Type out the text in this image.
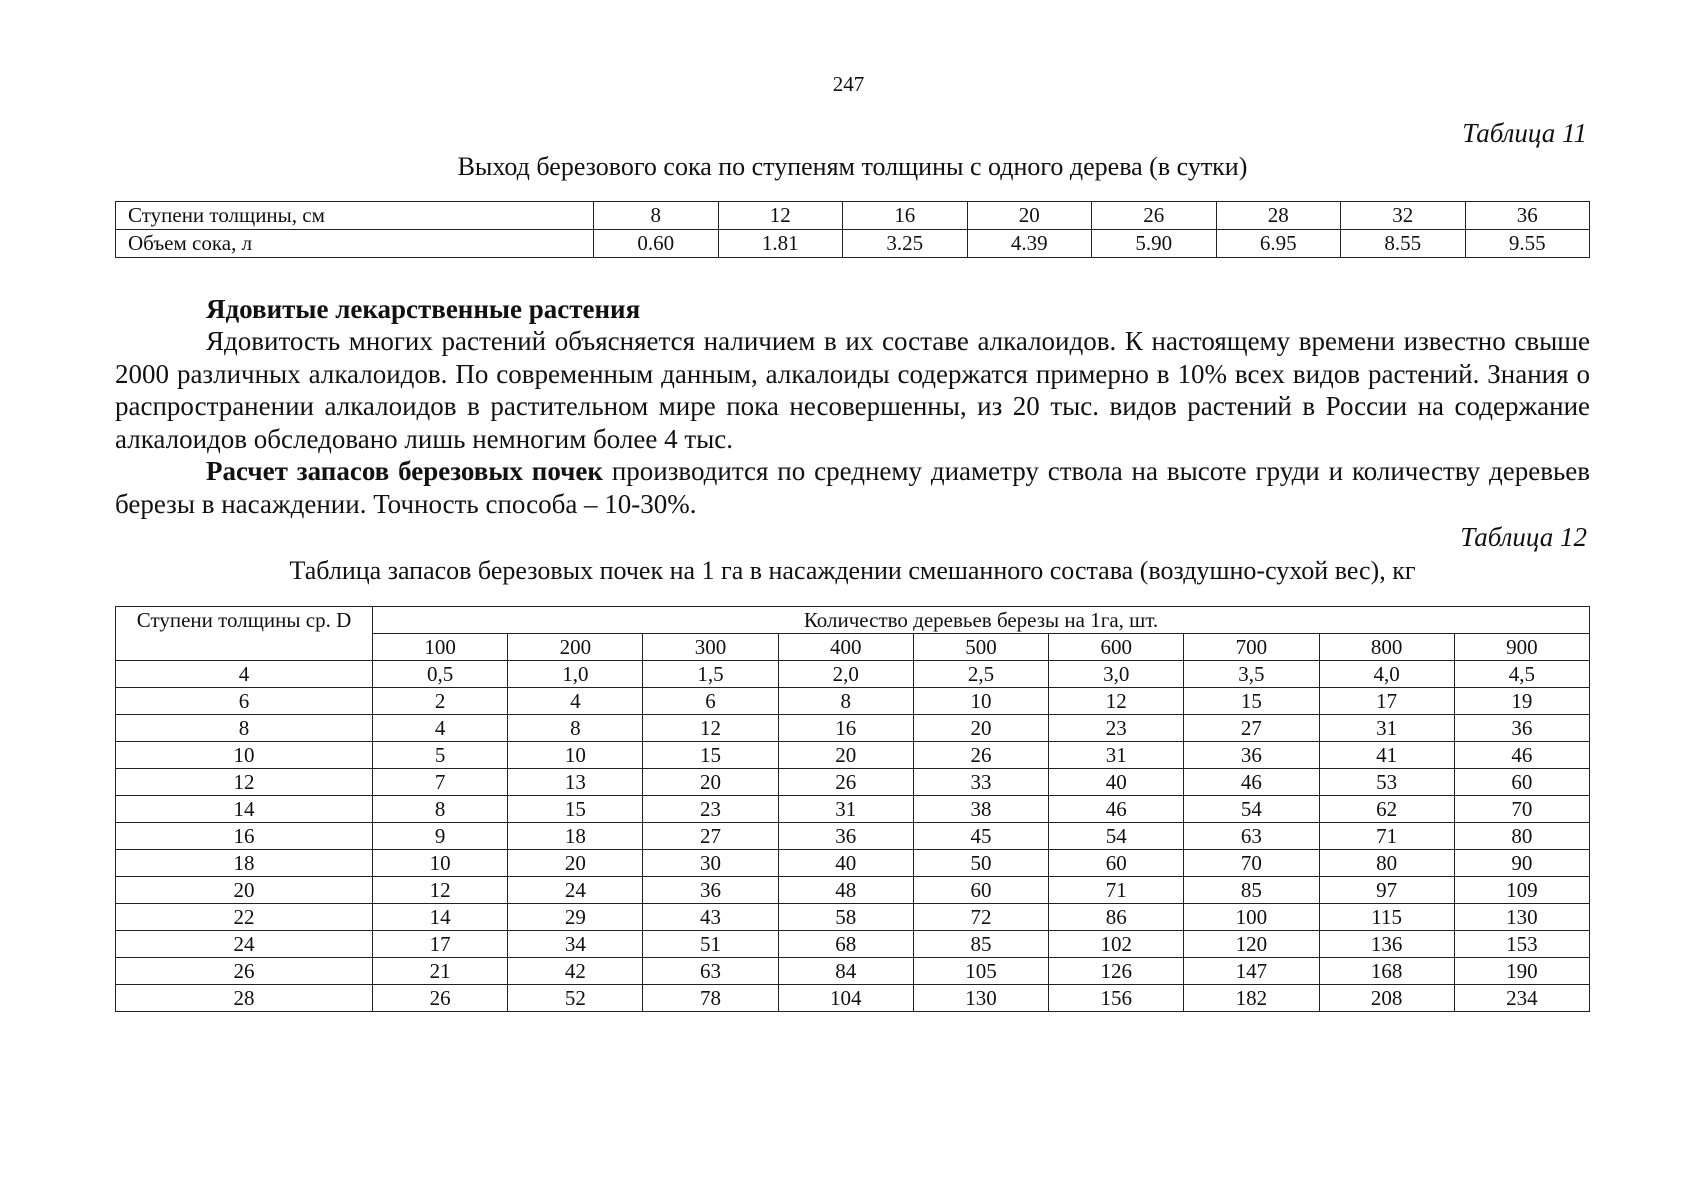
247
Таблица 11
Выход березового сока по ступеням толщины с одного дерева (в сутки)
Ступени толщины, см	8	12	16	20	26	28	32	36
Объем сока, л	0.60	1.81	3.25	4.39	5.90	6.95	8.55	9.55
Ядовитые лекарственные растения

Ядовитость многих растений объясняется наличием в их составе алкалоидов. К настоящему времени известно свыше 2000 различных алкалоидов. По современным данным, алкалоиды содержатся примерно в 10% всех видов растений. Знания о распространении алкалоидов в растительном мире пока несовершенны, из 20 тыс. видов растений в России на содержание алкалоидов обследовано лишь немногим более 4 тыс.

Расчет запасов березовых почек производится по среднему диаметру ствола на высоте груди и количеству деревьев березы в насаждении. Точность способа – 10-30%.

Таблица 12
Таблица запасов березовых почек на 1 га в насаждении смешанного состава (воздушно-сухой вес), кг
Ступени толщины ср. D	Количество деревьев березы на 1га, шт.								
	100	200	300	400	500	600	700	800	900
4	0,5	1,0	1,5	2,0	2,5	3,0	3,5	4,0	4,5
6	2	4	6	8	10	12	15	17	19
8	4	8	12	16	20	23	27	31	36
10	5	10	15	20	26	31	36	41	46
12	7	13	20	26	33	40	46	53	60
14	8	15	23	31	38	46	54	62	70
16	9	18	27	36	45	54	63	71	80
18	10	20	30	40	50	60	70	80	90
20	12	24	36	48	60	71	85	97	109
22	14	29	43	58	72	86	100	115	130
24	17	34	51	68	85	102	120	136	153
26	21	42	63	84	105	126	147	168	190
28	26	52	78	104	130	156	182	208	234
